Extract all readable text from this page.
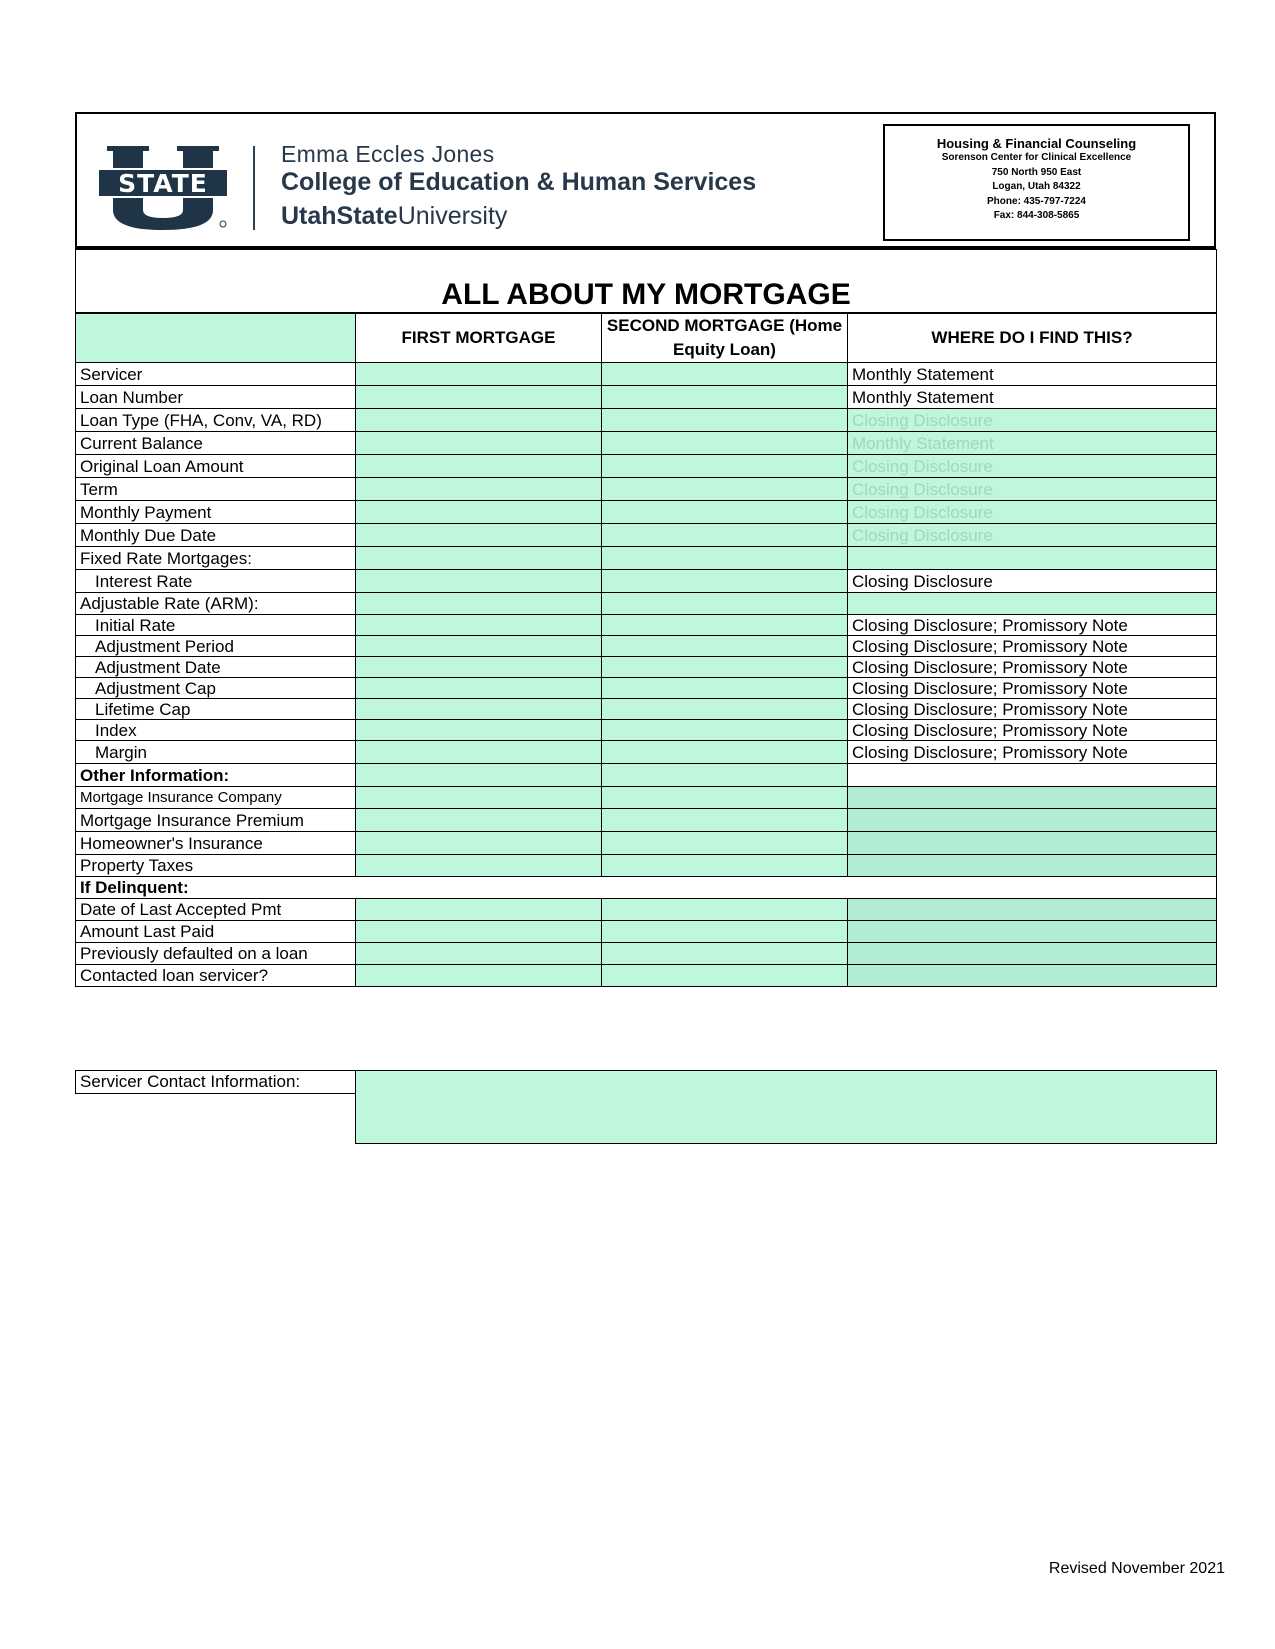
STATE
Emma Eccles Jones
College of Education & Human Services
UtahStateUniversity
Housing & Financial Counseling
Sorenson Center for Clinical Excellence
750 North 950 East
Logan, Utah 84322
Phone: 435-797-7224
Fax: 844-308-5865
ALL ABOUT MY MORTGAGE			
	FIRST MORTGAGE	SECOND MORTGAGE (Home Equity Loan)	WHERE DO I FIND THIS?
Servicer			Monthly Statement
Loan Number			Monthly Statement
Loan Type (FHA, Conv, VA, RD)			Closing Disclosure
Current Balance			Monthly Statement
Original Loan Amount			Closing Disclosure
Term			Closing Disclosure
Monthly Payment			Closing Disclosure
Monthly Due Date			Closing Disclosure
Fixed Rate Mortgages:			
Interest Rate			Closing Disclosure
Adjustable Rate (ARM):			
Initial Rate			Closing Disclosure; Promissory Note
Adjustment Period			Closing Disclosure; Promissory Note
Adjustment Date			Closing Disclosure; Promissory Note
Adjustment Cap			Closing Disclosure; Promissory Note
Lifetime Cap			Closing Disclosure; Promissory Note
Index			Closing Disclosure; Promissory Note
Margin			Closing Disclosure; Promissory Note
Other Information:			
Mortgage Insurance Company			
Mortgage Insurance Premium			
Homeowner's Insurance			
Property Taxes			
If Delinquent:			
Date of Last Accepted Pmt			
Amount Last Paid			
Previously defaulted on a loan			
Contacted loan servicer?			
Servicer Contact Information:	

Revised November 2021
